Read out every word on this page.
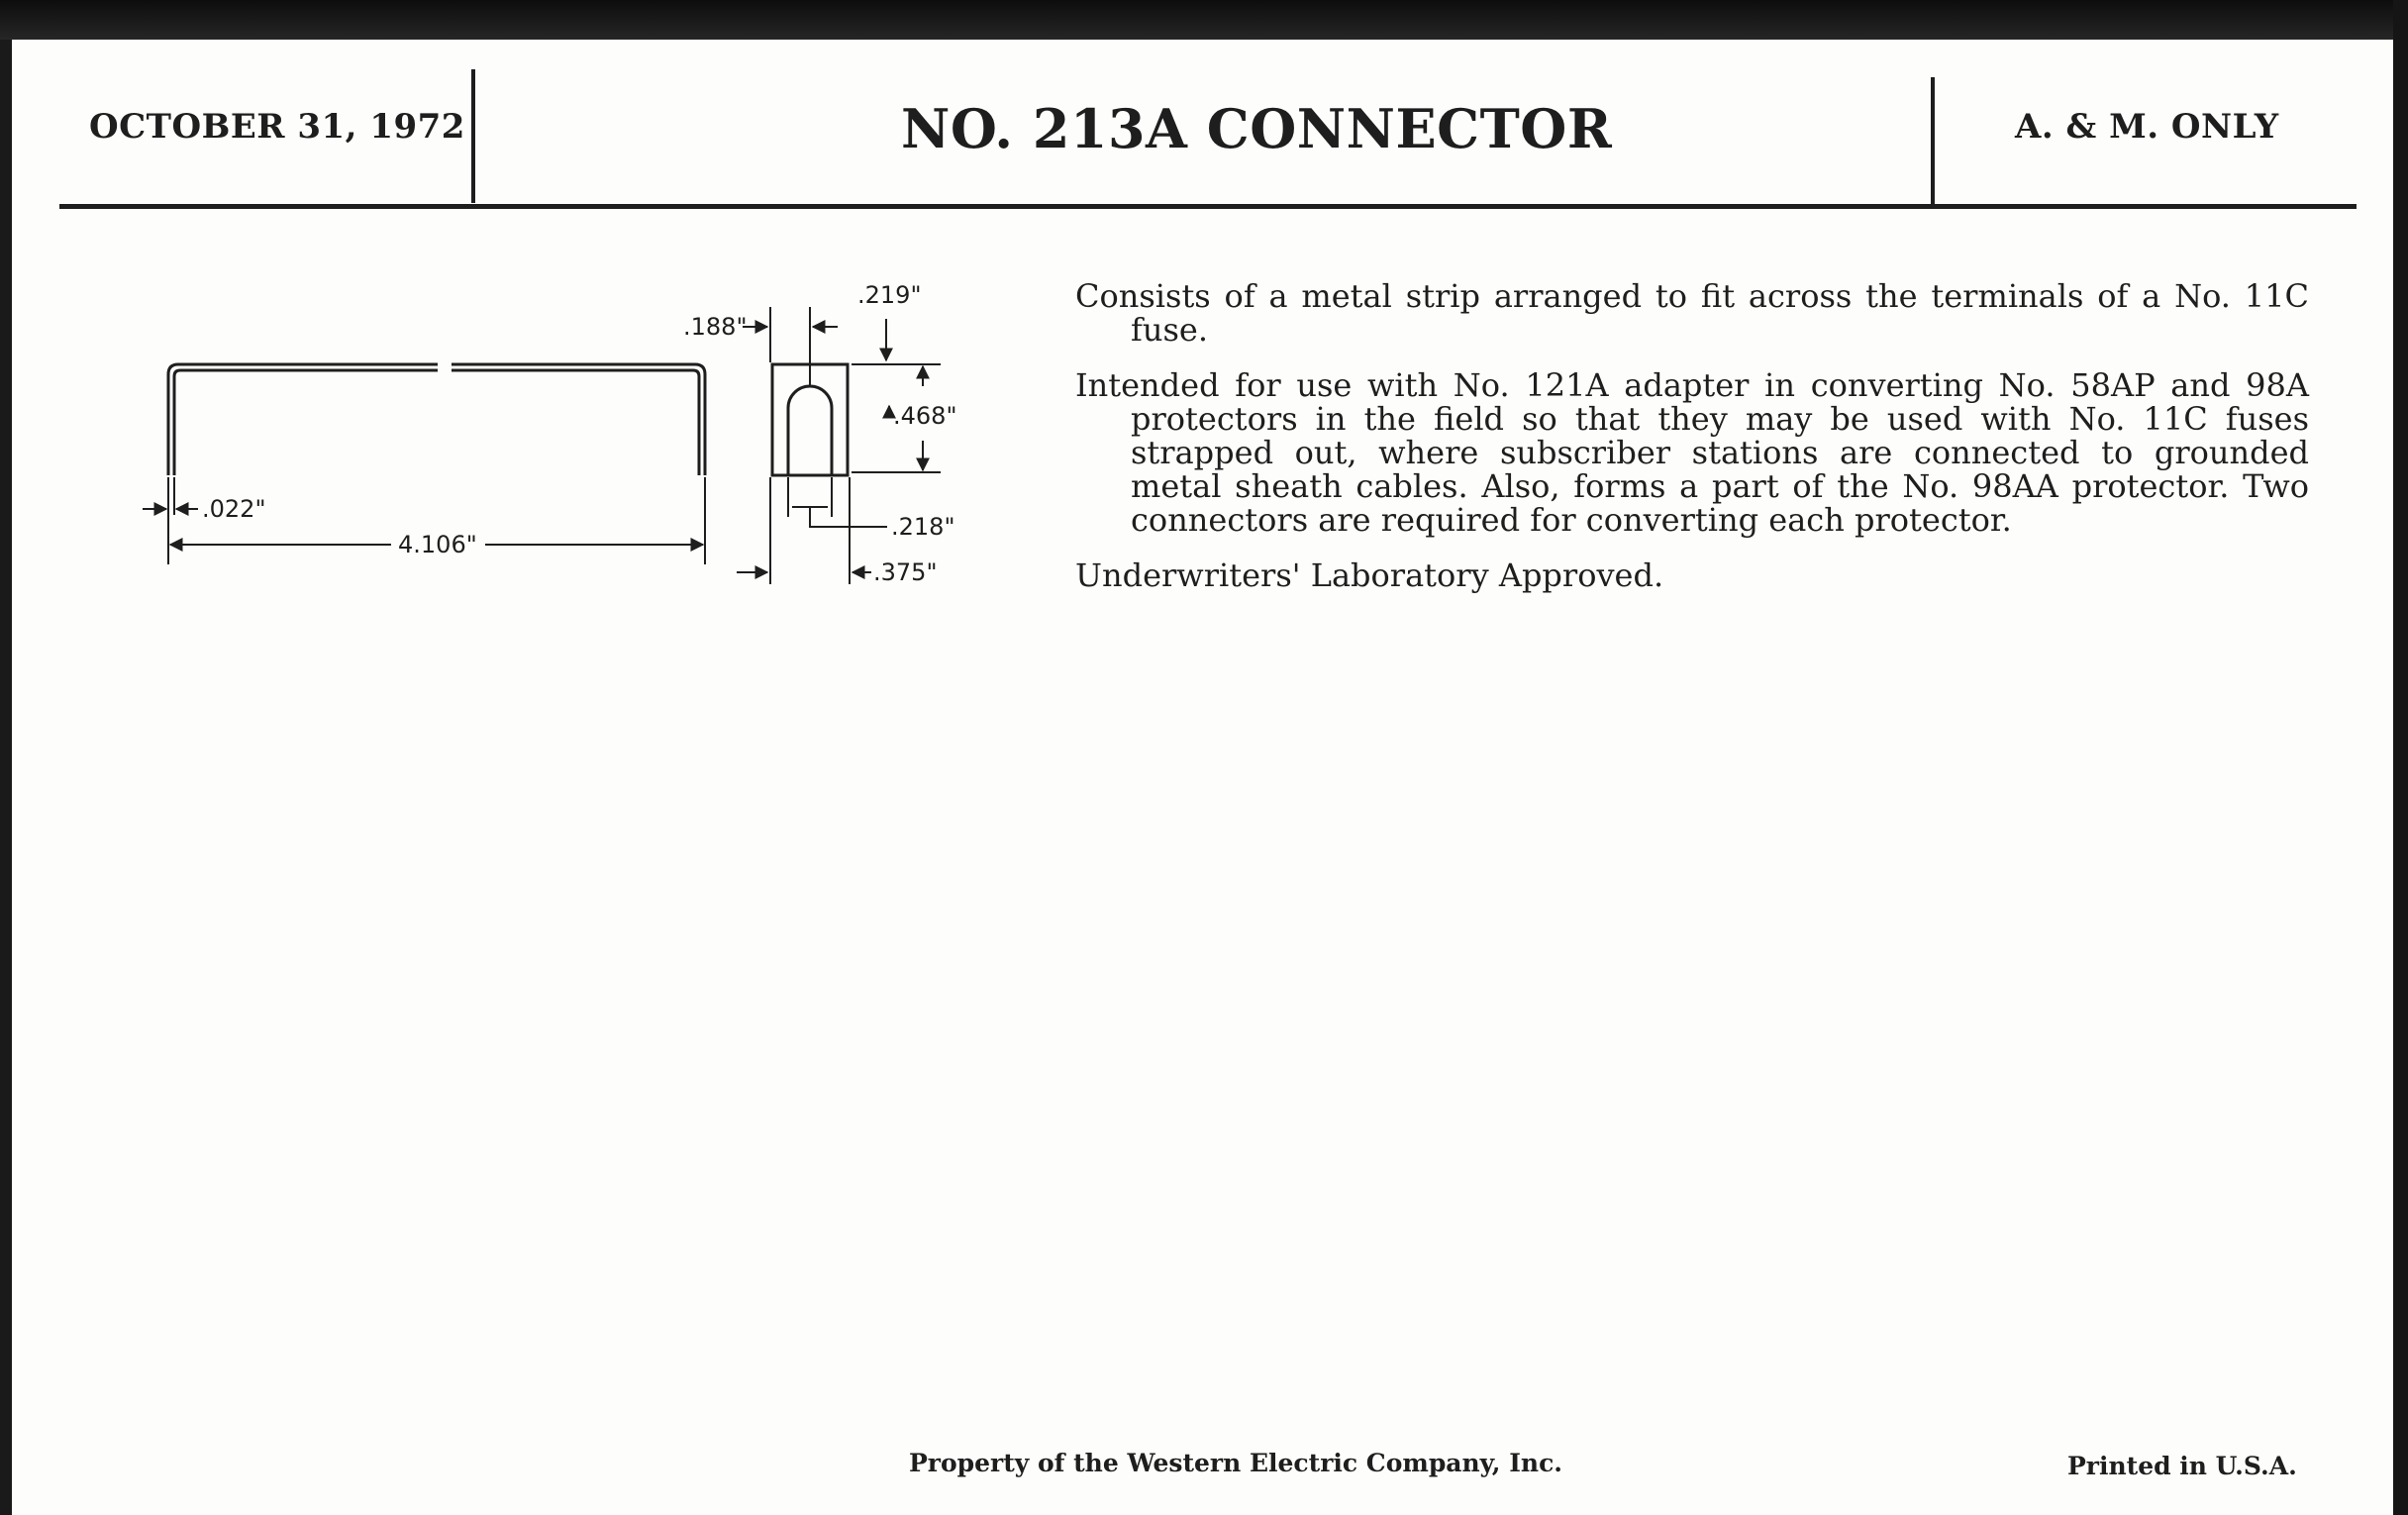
OCTOBER 31, 1972	NO. 213A CONNECTOR	A. & M. ONLY
.022"
4.106"
.188"
.219"
.468"
.218"
.375"

Consists of a metal strip arranged to fit across the terminals of a No. 11C fuse.

Intended for use with No. 121A adapter in converting No. 58AP and 98A protectors in the field so that they may be used with No. 11C fuses strapped out, where subscriber stations are connected to grounded metal sheath cables. Also, forms a part of the No. 98AA protector. Two connectors are required for converting each protector.

Underwriters' Laboratory Approved.

Property of the Western Electric Company, Inc.	Printed in U.S.A.
